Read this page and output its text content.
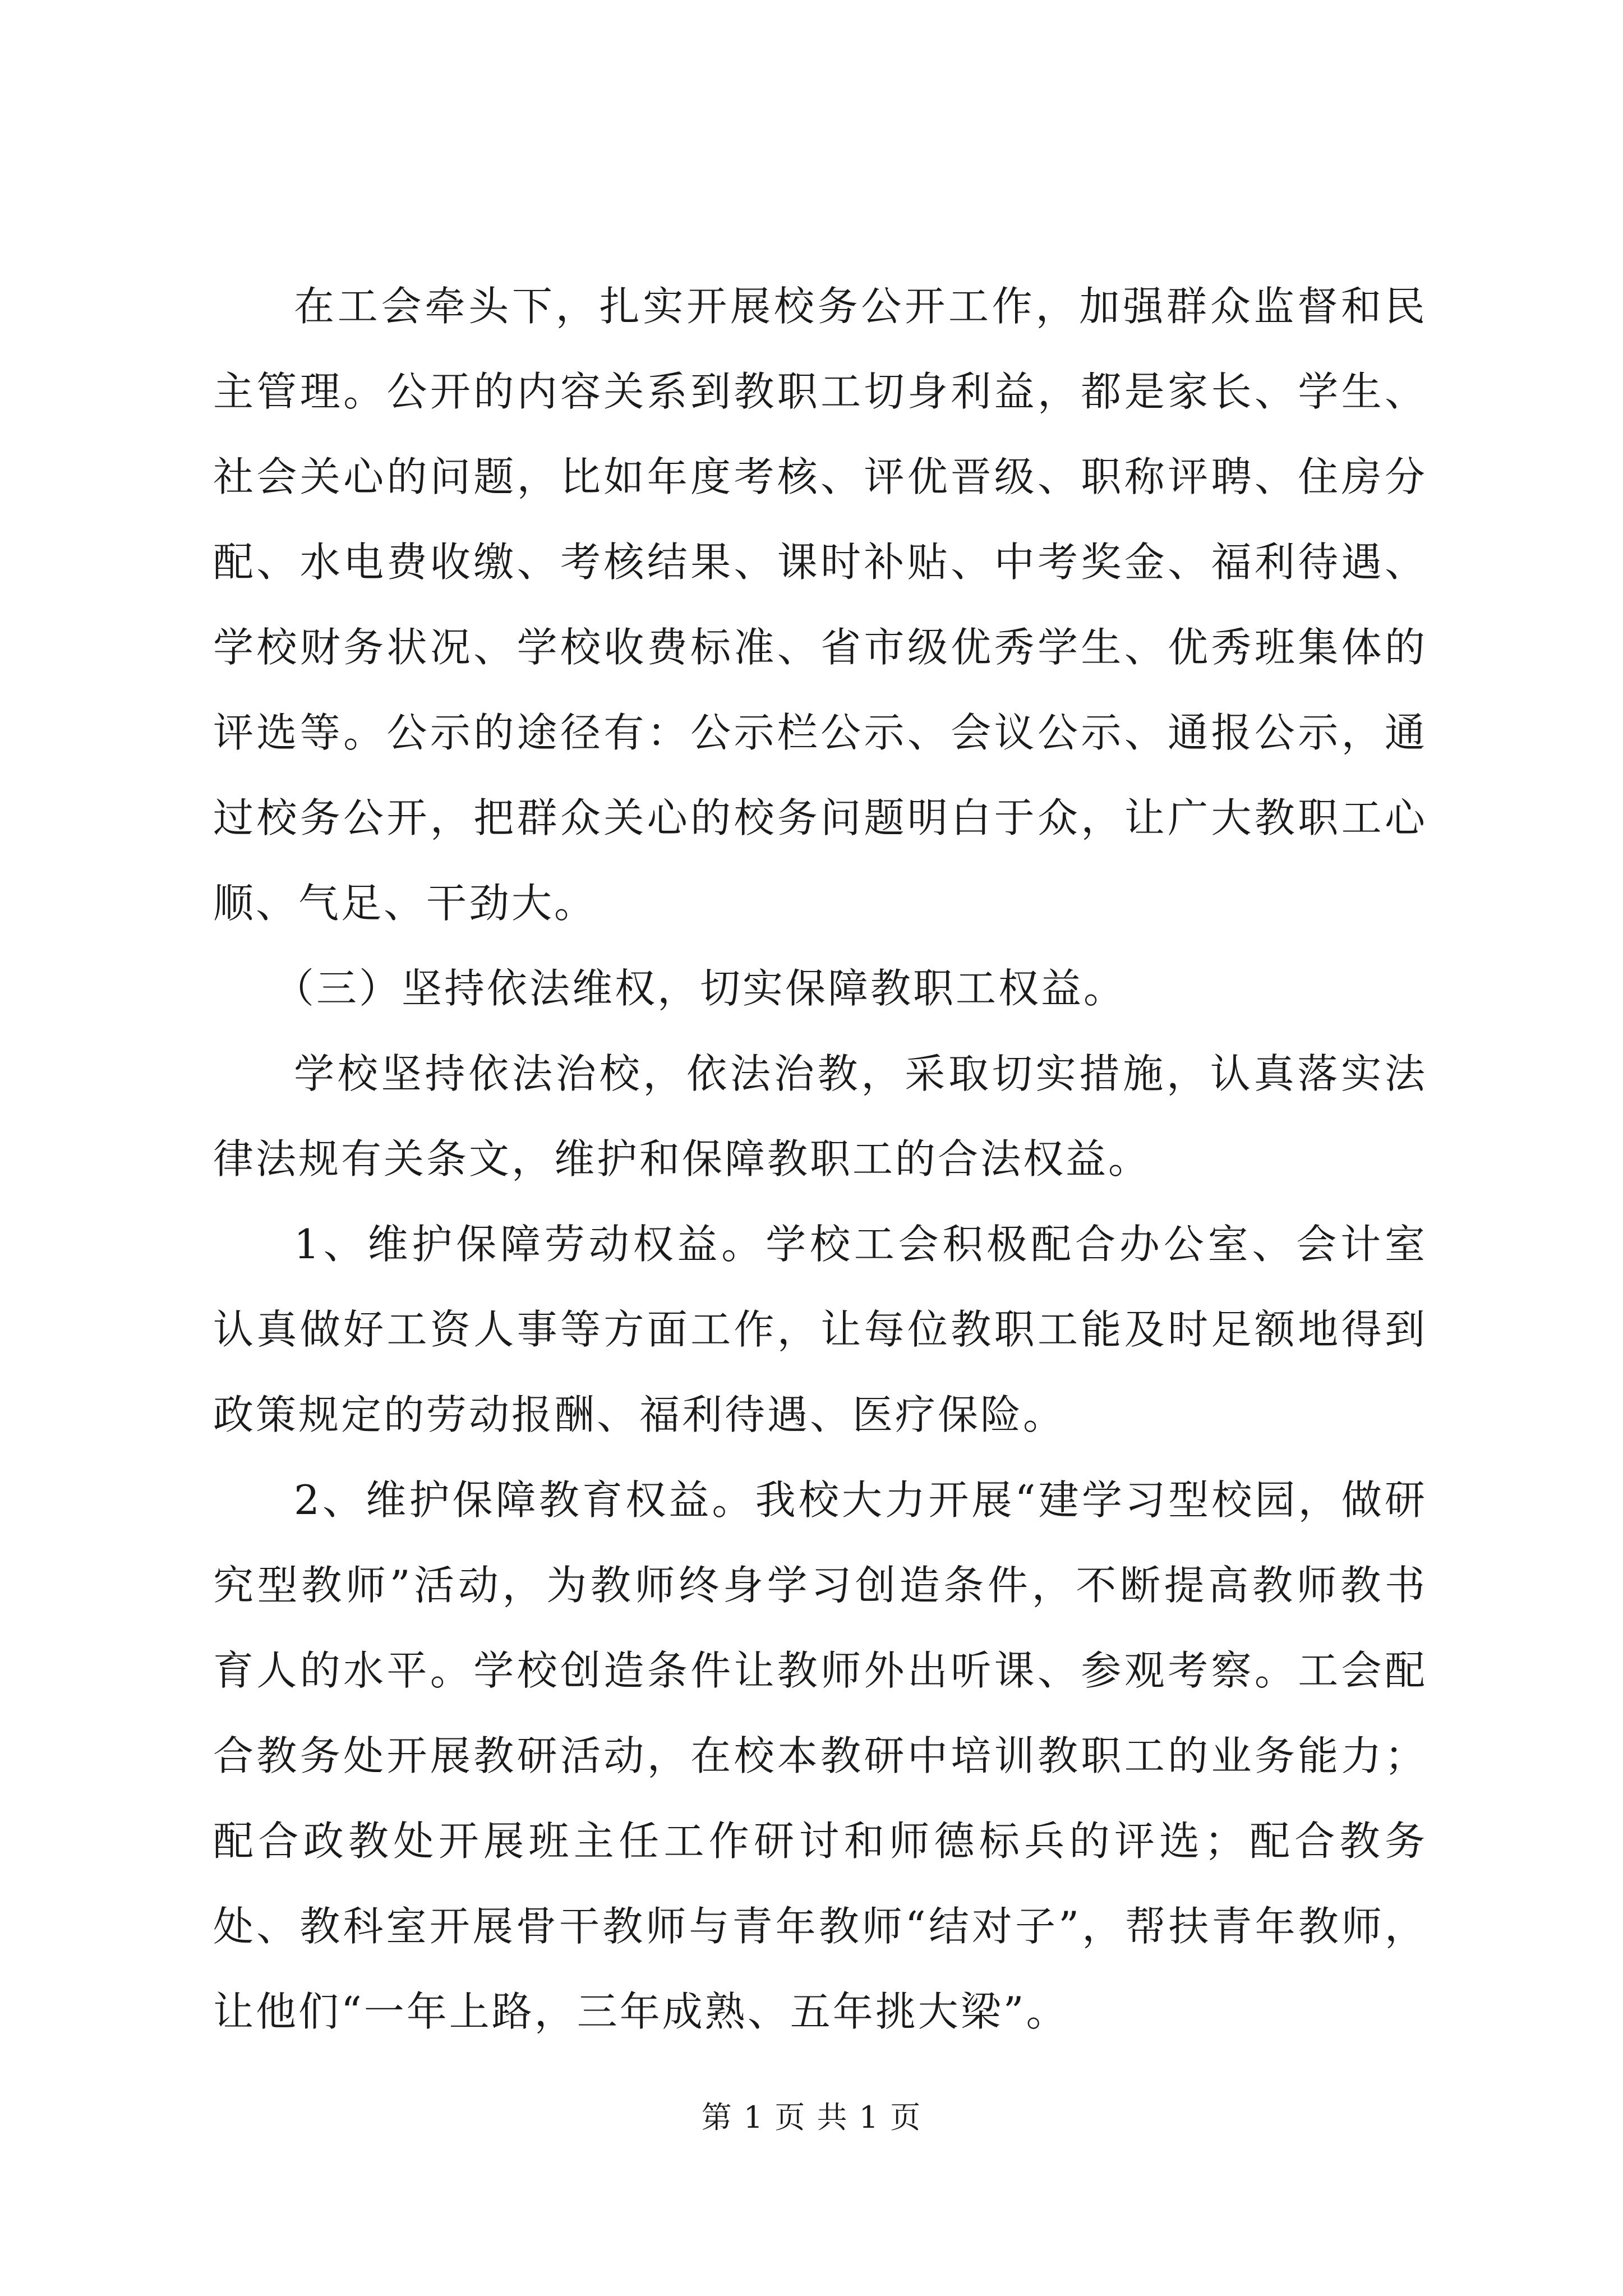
在工会牵头下，扎实开展校务公开工作，加强群众监督和民主管理。公开的内容关系到教职工切身利益，都是家长、学生、社会关心的问题，比如年度考核、评优晋级、职称评聘、住房分配、水电费收缴、考核结果、课时补贴、中考奖金、福利待遇、学校财务状况、学校收费标准、省市级优秀学生、优秀班集体的评选等。公示的途径有：公示栏公示、会议公示、通报公示，通过校务公开，把群众关心的校务问题明白于众，让广大教职工心顺、气足、干劲大。

（三）坚持依法维权，切实保障教职工权益。

学校坚持依法治校，依法治教，采取切实措施，认真落实法律法规有关条文，维护和保障教职工的合法权益。

1、维护保障劳动权益。学校工会积极配合办公室、会计室认真做好工资人事等方面工作，让每位教职工能及时足额地得到政策规定的劳动报酬、福利待遇、医疗保险。

2、维护保障教育权益。我校大力开展“建学习型校园，做研究型教师”活动，为教师终身学习创造条件，不断提高教师教书育人的水平。学校创造条件让教师外出听课、参观考察。工会配合教务处开展教研活动，在校本教研中培训教职工的业务能力；配合政教处开展班主任工作研讨和师德标兵的评选；配合教务处、教科室开展骨干教师与青年教师“结对子”，帮扶青年教师，让他们“一年上路，三年成熟、五年挑大梁”。

第 1 页 共 1 页
